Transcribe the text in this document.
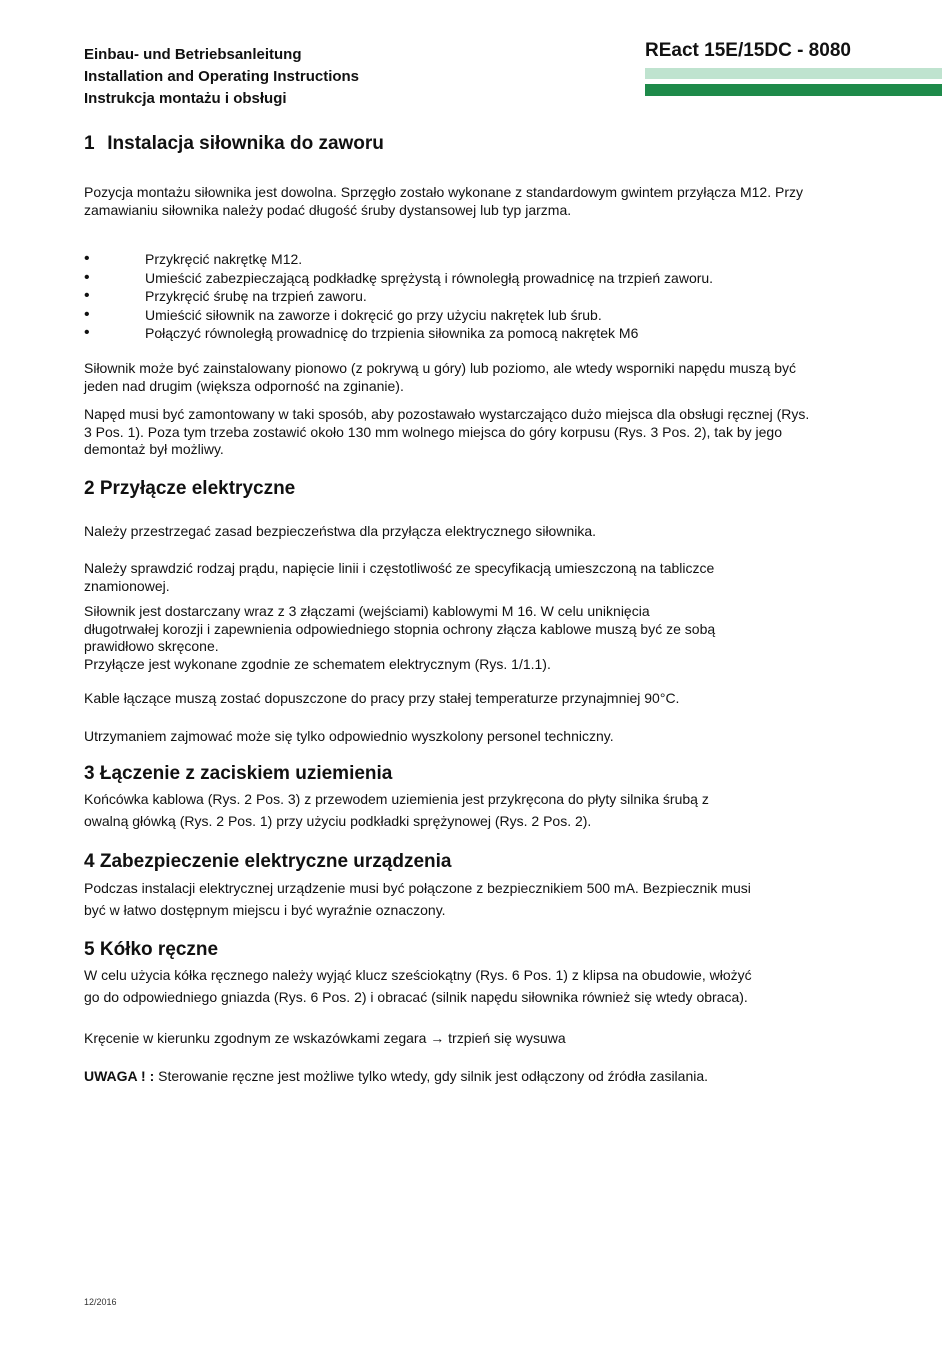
Einbau- und Betriebsanleitung
Installation and Operating Instructions
Instrukcja montażu i obsługi
REact 15E/15DC - 8080
1 Instalacja siłownika do zaworu
Pozycja montażu siłownika jest dowolna. Sprzęgło zostało wykonane z standardowym gwintem przyłącza M12. Przy zamawianiu siłownika należy podać długość śruby dystansowej lub typ jarzma.
•	Przykręcić nakrętkę M12.
•	Umieścić zabezpieczającą podkładkę sprężystą i równoległą prowadnicę na trzpień zaworu.
•	Przykręcić śrubę na trzpień zaworu.
•	Umieścić siłownik na zaworze i dokręcić go przy użyciu nakrętek lub śrub.
•	Połączyć równoległą prowadnicę do trzpienia siłownika za pomocą nakrętek M6
Siłownik może być zainstalowany pionowo (z pokrywą u góry) lub poziomo, ale wtedy wsporniki napędu muszą być jeden nad drugim (większa odporność na zginanie).
Napęd musi być zamontowany w taki sposób, aby pozostawało wystarczająco dużo miejsca dla obsługi ręcznej (Rys. 3 Pos. 1). Poza tym trzeba zostawić około 130 mm wolnego miejsca do góry korpusu (Rys. 3 Pos. 2), tak by jego demontaż był możliwy.
2 Przyłącze elektryczne
Należy przestrzegać zasad bezpieczeństwa dla przyłącza elektrycznego siłownika.
Należy sprawdzić rodzaj prądu, napięcie linii i częstotliwość ze specyfikacją umieszczoną na tabliczce znamionowej.
Siłownik jest dostarczany wraz z 3 złączami (wejściami) kablowymi M 16. W celu uniknięcia
długotrwałej korozji i zapewnienia odpowiedniego stopnia ochrony złącza kablowe muszą być ze sobą
prawidłowo skręcone.
Przyłącze jest wykonane zgodnie ze schematem elektrycznym (Rys. 1/1.1).
Kable łączące muszą zostać dopuszczone do pracy przy stałej temperaturze przynajmniej 90°C.
Utrzymaniem zajmować może się tylko odpowiednio wyszkolony personel techniczny.
3 Łączenie z zaciskiem uziemienia
Końcówka kablowa (Rys. 2 Pos. 3) z przewodem uziemienia jest przykręcona do płyty silnika śrubą z
owalną główką (Rys. 2 Pos. 1) przy użyciu podkładki sprężynowej (Rys. 2 Pos. 2).
4 Zabezpieczenie elektryczne urządzenia
Podczas instalacji elektrycznej urządzenie musi być połączone z bezpiecznikiem 500 mA. Bezpiecznik musi
być w łatwo dostępnym miejscu i być wyraźnie oznaczony.
5 Kółko ręczne
W celu użycia kółka ręcznego należy wyjąć klucz sześciokątny (Rys. 6 Pos. 1) z klipsa na obudowie, włożyć
go do odpowiedniego gniazda (Rys. 6 Pos. 2) i obracać (silnik napędu siłownika również się wtedy obraca).
Kręcenie w kierunku zgodnym ze wskazówkami zegara → trzpień się wysuwa
UWAGA ! : Sterowanie ręczne jest możliwe tylko wtedy, gdy silnik jest odłączony od źródła zasilania.
12/2016
